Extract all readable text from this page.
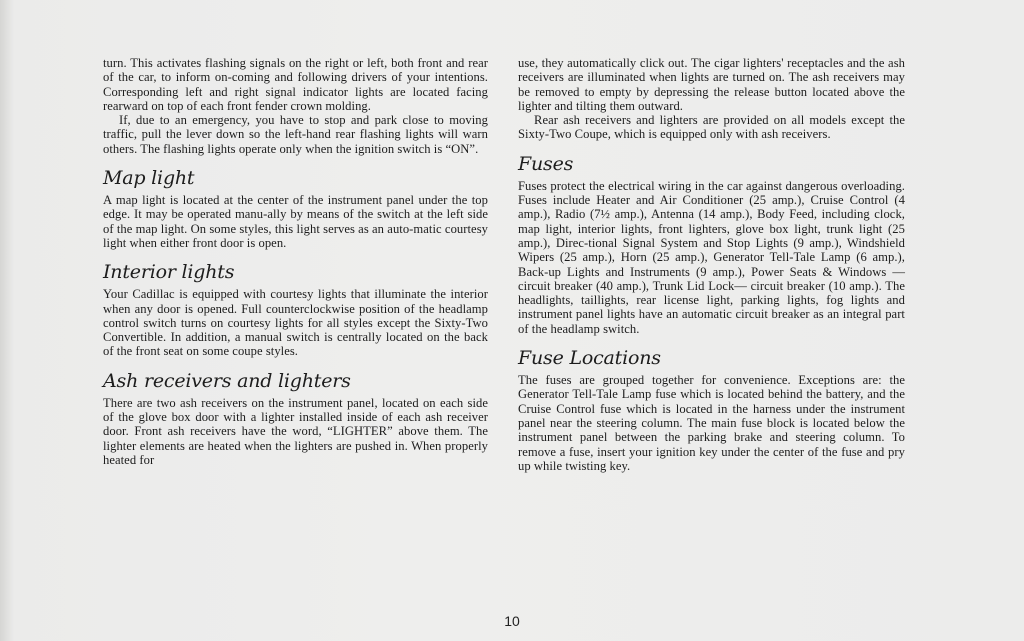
turn. This activates flashing signals on the right or left, both front and rear of the car, to inform on-coming and following drivers of your intentions. Corresponding left and right signal indicator lights are located facing rearward on top of each front fender crown molding.

If, due to an emergency, you have to stop and park close to moving traffic, pull the lever down so the left-hand rear flashing lights will warn others. The flashing lights operate only when the ignition switch is “ON”.

Map light

A map light is located at the center of the instrument panel under the top edge. It may be operated manu-ally by means of the switch at the left side of the map light. On some styles, this light serves as an auto-matic courtesy light when either front door is open.

Interior lights

Your Cadillac is equipped with courtesy lights that illuminate the interior when any door is opened. Full counterclockwise position of the headlamp control switch turns on courtesy lights for all styles except the Sixty-Two Convertible. In addition, a manual switch is centrally located on the back of the front seat on some coupe styles.

Ash receivers and lighters

There are two ash receivers on the instrument panel, located on each side of the glove box door with a lighter installed inside of each ash receiver door. Front ash receivers have the word, “LIGHTER” above them. The lighter elements are heated when the lighters are pushed in. When properly heated for

use, they automatically click out. The cigar lighters' receptacles and the ash receivers are illuminated when lights are turned on. The ash receivers may be removed to empty by depressing the release button located above the lighter and tilting them outward.

Rear ash receivers and lighters are provided on all models except the Sixty-Two Coupe, which is equipped only with ash receivers.

Fuses

Fuses protect the electrical wiring in the car against dangerous overloading. Fuses include Heater and Air Conditioner (25 amp.), Cruise Control (4 amp.), Radio (7½ amp.), Antenna (14 amp.), Body Feed, including clock, map light, interior lights, front lighters, glove box light, trunk light (25 amp.), Direc-tional Signal System and Stop Lights (9 amp.), Windshield Wipers (25 amp.), Horn (25 amp.), Generator Tell-Tale Lamp (6 amp.), Back-up Lights and Instruments (9 amp.), Power Seats & Windows —circuit breaker (40 amp.), Trunk Lid Lock— circuit breaker (10 amp.). The headlights, taillights, rear license light, parking lights, fog lights and instrument panel lights have an automatic circuit breaker as an integral part of the headlamp switch.

Fuse Locations

The fuses are grouped together for convenience. Exceptions are: the Generator Tell-Tale Lamp fuse which is located behind the battery, and the Cruise Control fuse which is located in the harness under the instrument panel near the steering column. The main fuse block is located below the instrument panel between the parking brake and steering column. To remove a fuse, insert your ignition key under the center of the fuse and pry up while twisting key.

10
